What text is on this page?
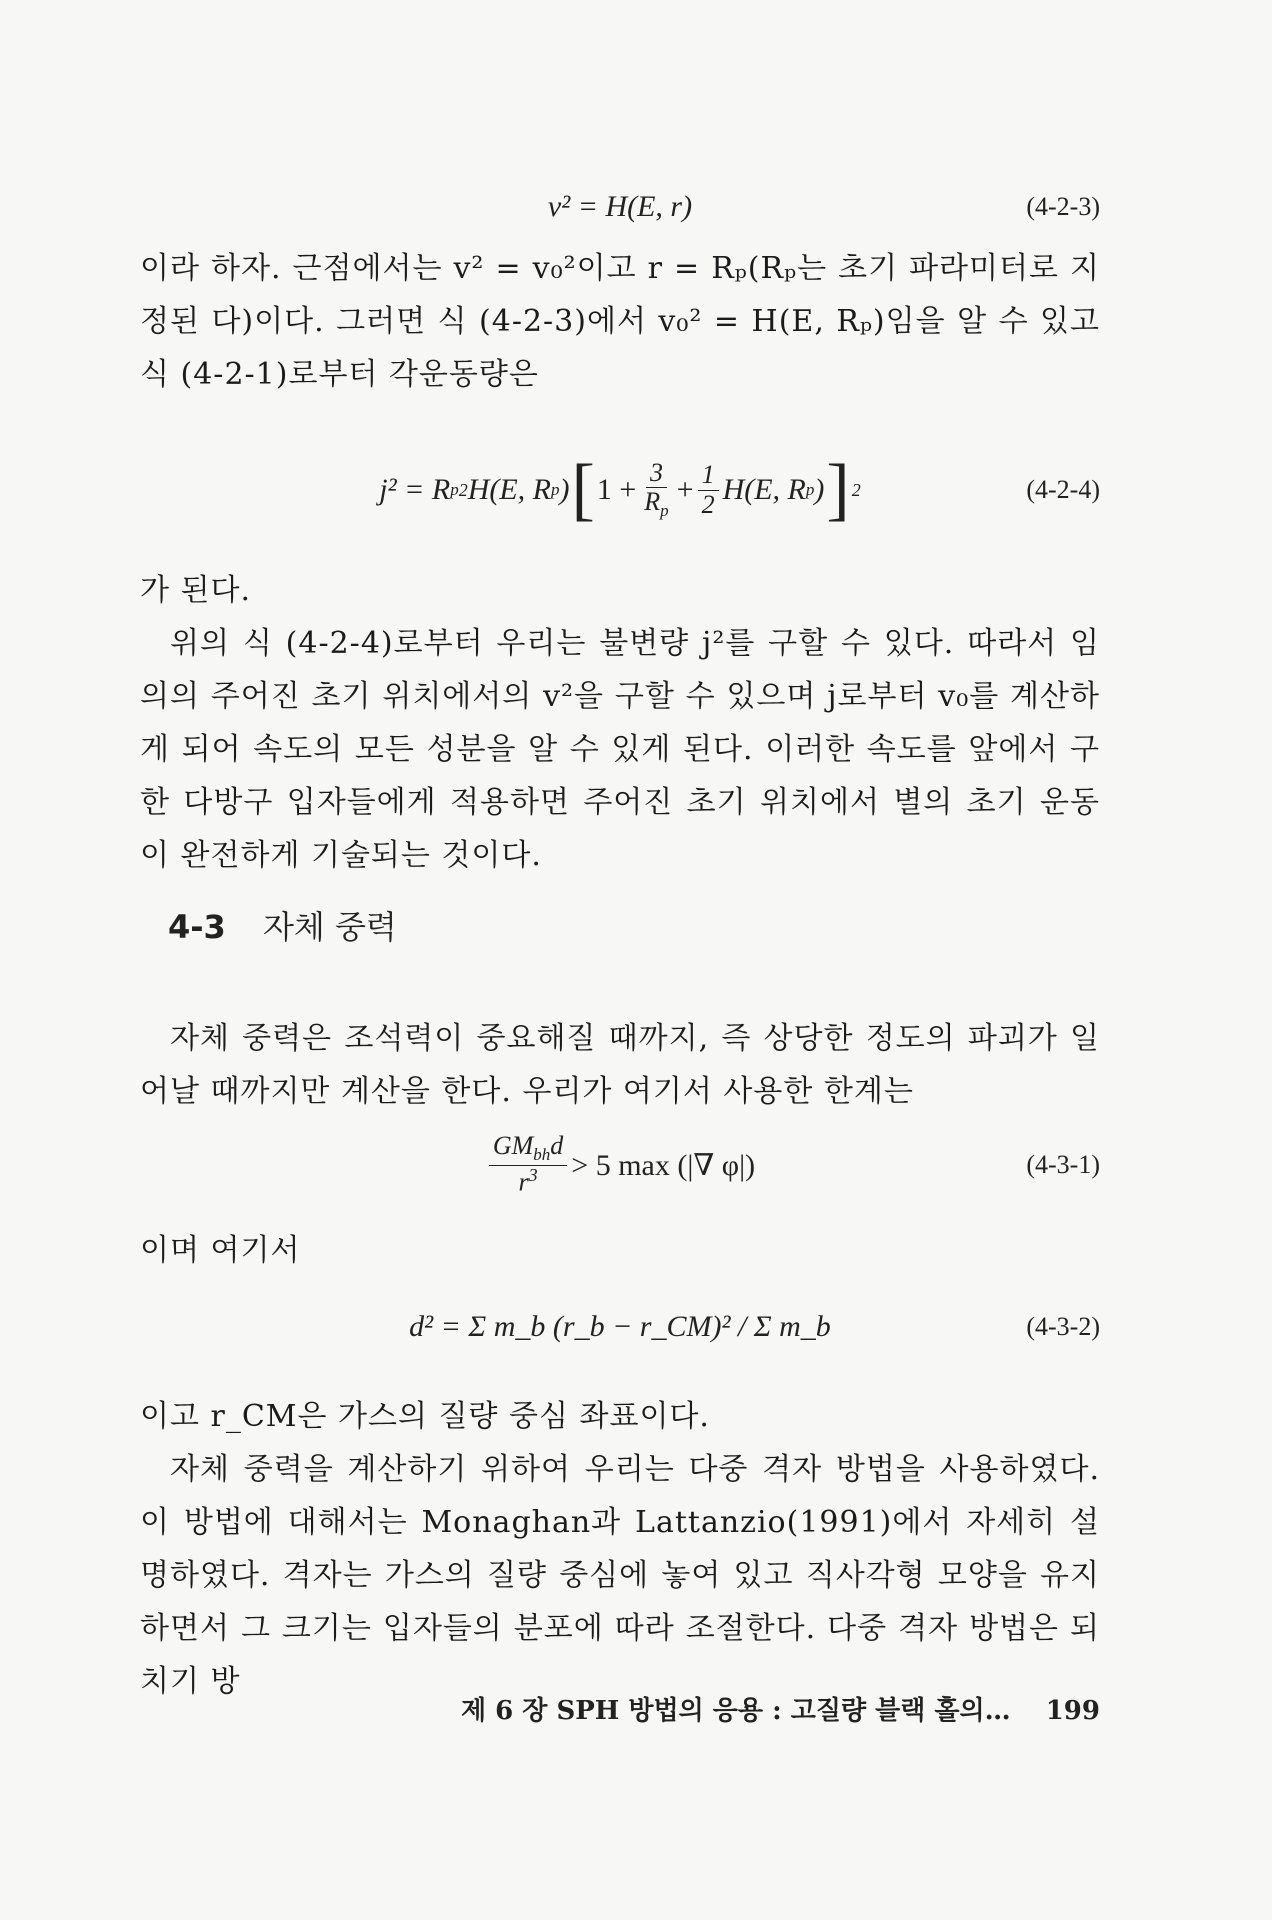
v² = H(E, r)	(4-2-3)

이라 하자. 근점에서는 v² = v₀²이고 r = Rₚ(Rₚ는 초기 파라미터로 지정된 다)이다. 그러면 식 (4-2-3)에서 v₀² = H(E, Rₚ)임을 알 수 있고 식 (4-2-1)로부터 각운동량은

j² = R p 2 H(E, R p ) [ $1 + \frac{3}{R_p} + \frac{1}{2} H(E$, R p ) ] 2	(4-2-4)

가 된다.

위의 식 (4-2-4)로부터 우리는 불변량 j²를 구할 수 있다. 따라서 임의의 주어진 초기 위치에서의 v²을 구할 수 있으며 j로부터 v₀를 계산하게 되어 속도의 모든 성분을 알 수 있게 된다. 이러한 속도를 앞에서 구한 다방구 입자들에게 적용하면 주어진 초기 위치에서 별의 초기 운동이 완전하게 기술되는 것이다.

4-3 자체 중력

자체 중력은 조석력이 중요해질 때까지, 즉 상당한 정도의 파괴가 일어날 때까지만 계산을 한다. 우리가 여기서 사용한 한계는

$\frac{GM_{bh}d}{r^3} > 5$ max (|∇ φ|)	(4-3-1)

이며 여기서

d² = Σ m_b (r_b − r_CM)² / Σ m_b	(4-3-2)

이고 r_CM은 가스의 질량 중심 좌표이다.

자체 중력을 계산하기 위하여 우리는 다중 격자 방법을 사용하였다. 이 방법에 대해서는 Monaghan과 Lattanzio(1991)에서 자세히 설명하였다. 격자는 가스의 질량 중심에 놓여 있고 직사각형 모양을 유지하면서 그 크기는 입자들의 분포에 따라 조절한다. 다중 격자 방법은 되치기 방

제 6 장 SPH 방법의 응용 : 고질량 블랙 홀의… 199
